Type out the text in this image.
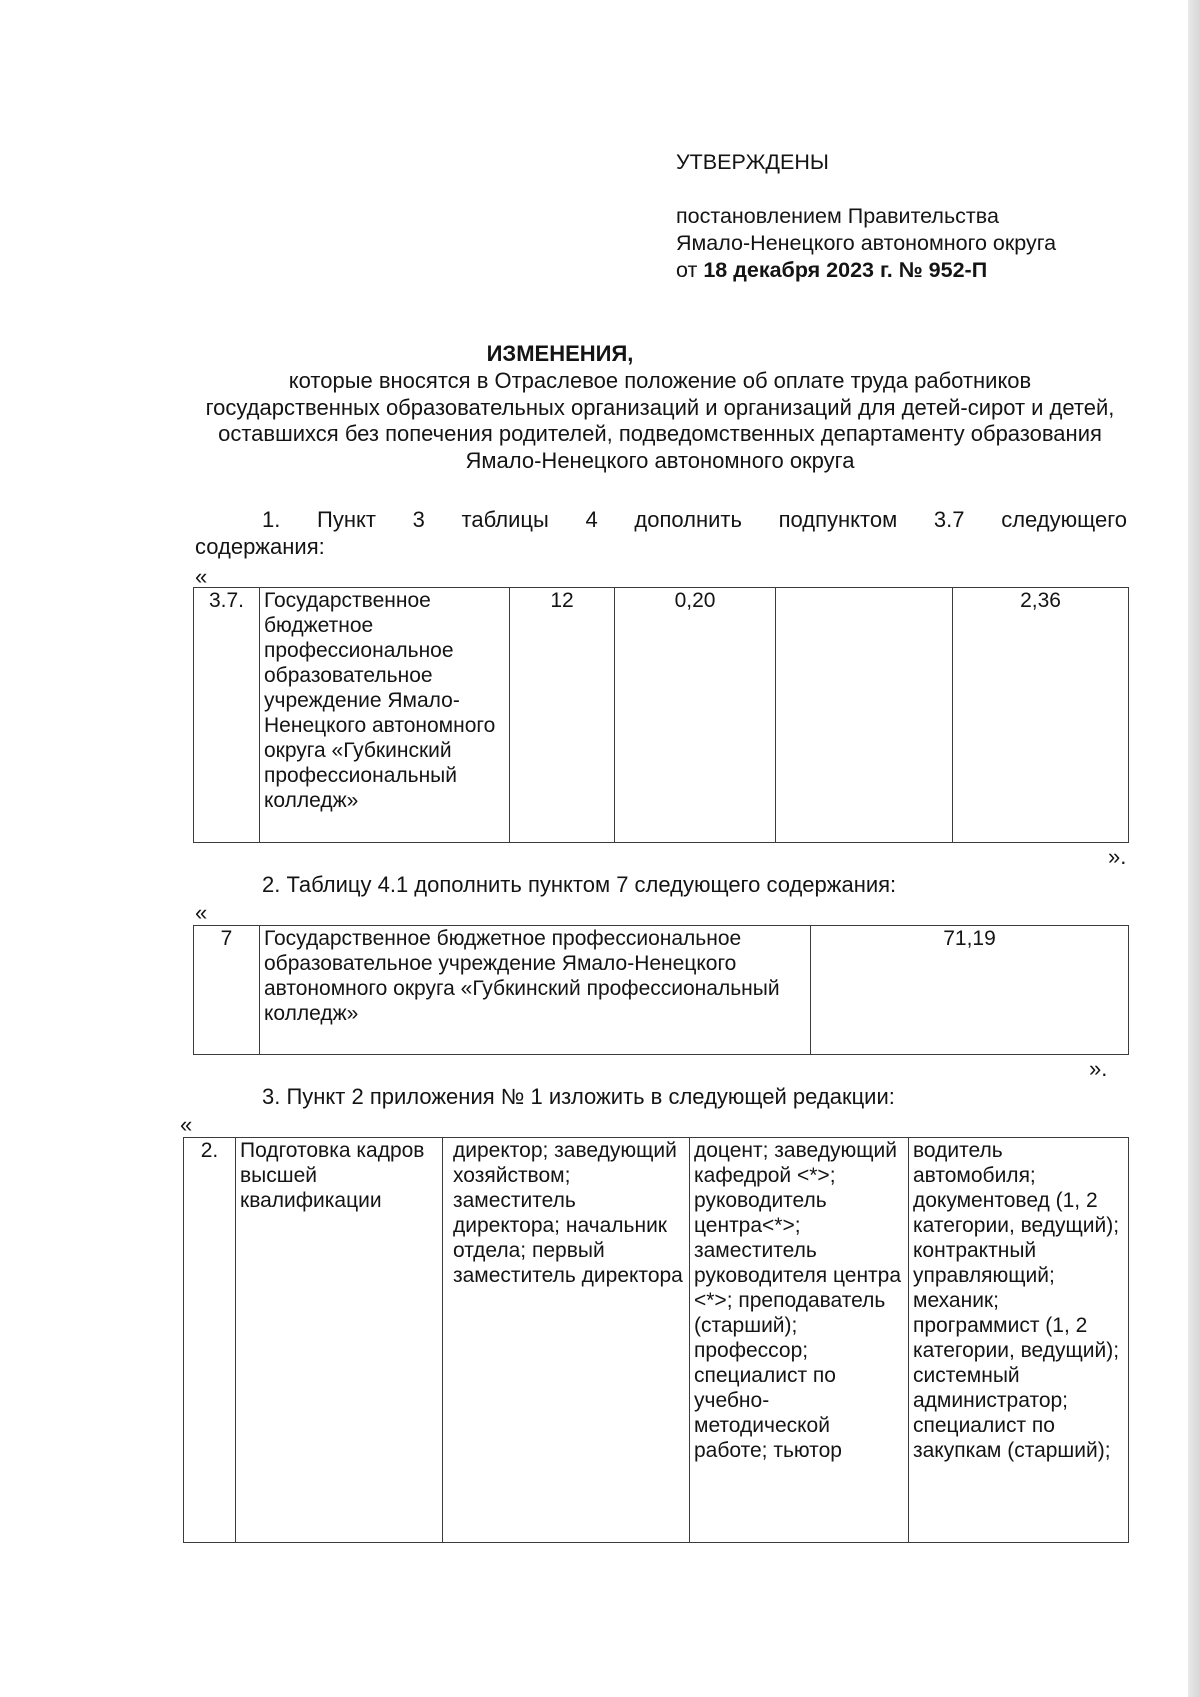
УТВЕРЖДЕНЫ
постановлением Правительства
Ямало-Ненецкого автономного округа
от 18 декабря 2023 г. № 952-П
ИЗМЕНЕНИЯ,
которые вносятся в Отраслевое положение об оплате труда работников государственных образовательных организаций и организаций для детей-сирот и детей, оставшихся без попечения родителей, подведомственных департаменту образования Ямало-Ненецкого автономного округа
1. Пункт 3 таблицы 4 дополнить подпунктом 3.7 следующего
содержания:
«
3.7.	Государственное бюджетное профессиональное образовательное учреждение Ямало-Ненецкого автономного округа «Губкинский профессиональный колледж»	12	0,20		2,36
».
2. Таблицу 4.1 дополнить пунктом 7 следующего содержания:
«
7	Государственное бюджетное профессиональное образовательное учреждение Ямало-Ненецкого автономного округа «Губкинский профессиональный колледж»	71,19
».
3. Пункт 2 приложения № 1 изложить в следующей редакции:
«
2.	Подготовка кадров высшей квалификации	директор; заведующий хозяйством; заместитель директора; начальник отдела; первый заместитель директора	доцент; заведующий кафедрой <*>; руководитель центра<*>; заместитель руководителя центра <*>; преподаватель (старший); профессор; специалист по учебно-методической работе; тьютор	водитель автомобиля; документовед (1, 2 категории, ведущий); контрактный управляющий; механик; программист (1, 2 категории, ведущий); системный администратор; специалист по закупкам (старший);
